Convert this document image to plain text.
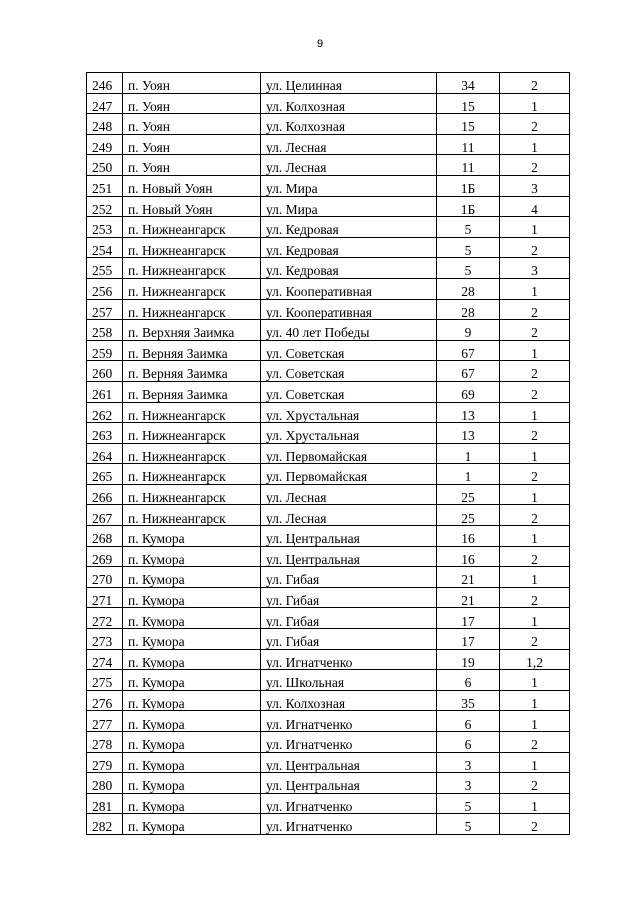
9
246	п. Уоян	ул. Целинная	34	2
247	п. Уоян	ул. Колхозная	15	1
248	п. Уоян	ул. Колхозная	15	2
249	п. Уоян	ул. Лесная	11	1
250	п. Уоян	ул. Лесная	11	2
251	п. Новый Уоян	ул. Мира	1Б	3
252	п. Новый Уоян	ул. Мира	1Б	4
253	п. Нижнеангарск	ул. Кедровая	5	1
254	п. Нижнеангарск	ул. Кедровая	5	2
255	п. Нижнеангарск	ул. Кедровая	5	3
256	п. Нижнеангарск	ул. Кооперативная	28	1
257	п. Нижнеангарск	ул. Кооперативная	28	2
258	п. Верхняя Заимка	ул. 40 лет Победы	9	2
259	п. Верняя Заимка	ул. Советская	67	1
260	п. Верняя Заимка	ул. Советская	67	2
261	п. Верняя Заимка	ул. Советская	69	2
262	п. Нижнеангарск	ул. Хрустальная	13	1
263	п. Нижнеангарск	ул. Хрустальная	13	2
264	п. Нижнеангарск	ул. Первомайская	1	1
265	п. Нижнеангарск	ул. Первомайская	1	2
266	п. Нижнеангарск	ул. Лесная	25	1
267	п. Нижнеангарск	ул. Лесная	25	2
268	п. Кумора	ул. Центральная	16	1
269	п. Кумора	ул. Центральная	16	2
270	п. Кумора	ул. Гибая	21	1
271	п. Кумора	ул. Гибая	21	2
272	п. Кумора	ул. Гибая	17	1
273	п. Кумора	ул. Гибая	17	2
274	п. Кумора	ул. Игнатченко	19	1,2
275	п. Кумора	ул. Школьная	6	1
276	п. Кумора	ул. Колхозная	35	1
277	п. Кумора	ул. Игнатченко	6	1
278	п. Кумора	ул. Игнатченко	6	2
279	п. Кумора	ул. Центральная	3	1
280	п. Кумора	ул. Центральная	3	2
281	п. Кумора	ул. Игнатченко	5	1
282	п. Кумора	ул. Игнатченко	5	2
